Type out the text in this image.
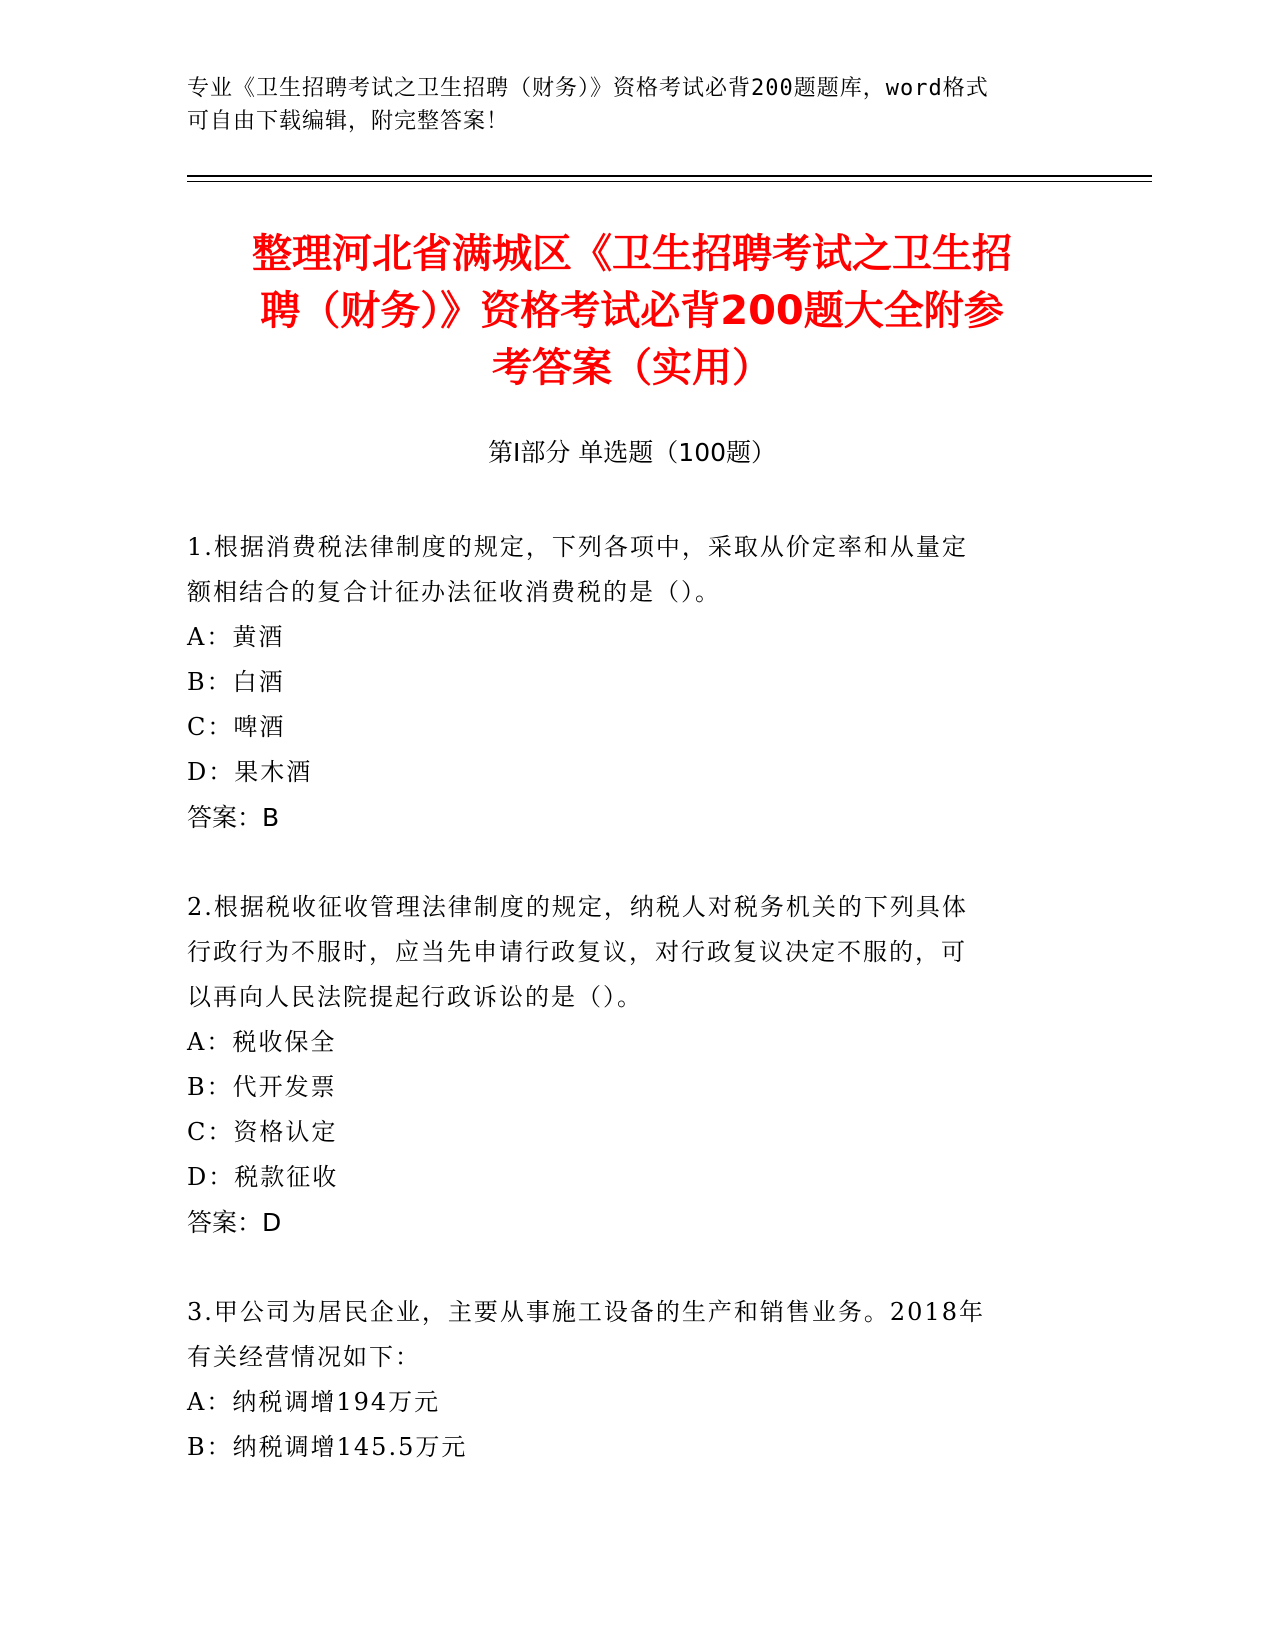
专业《卫生招聘考试之卫生招聘（财务）》资格考试必背200题题库，word格式
可自由下载编辑，附完整答案！
整理河北省满城区《卫生招聘考试之卫生招
聘（财务）》资格考试必背200题大全附参
考答案（实用）
第Ⅰ部分 单选题（100题）

1.根据消费税法律制度的规定，下列各项中，采取从价定率和从量定

额相结合的复合计征办法征收消费税的是（）。

A：黄酒

B：白酒

C：啤酒

D：果木酒

答案：B

2.根据税收征收管理法律制度的规定，纳税人对税务机关的下列具体

行政行为不服时，应当先申请行政复议，对行政复议决定不服的，可

以再向人民法院提起行政诉讼的是（）。

A：税收保全

B：代开发票

C：资格认定

D：税款征收

答案：D

3.甲公司为居民企业，主要从事施工设备的生产和销售业务。2018年

有关经营情况如下：

A：纳税调增194万元

B：纳税调增145.5万元
